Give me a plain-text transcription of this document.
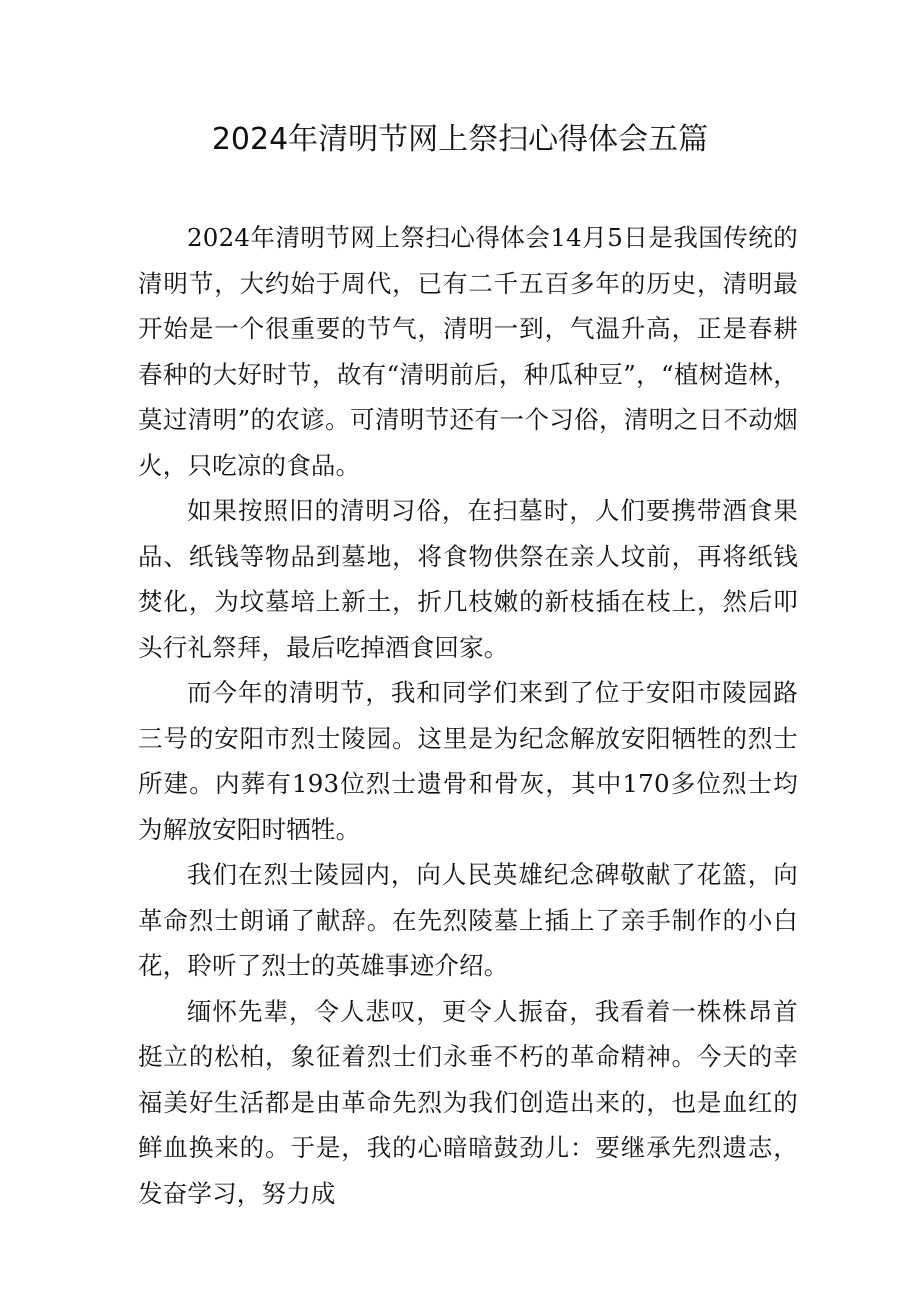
2024年清明节网上祭扫心得体会五篇

2024年清明节网上祭扫心得体会14月5日是我国传统的清明节，大约始于周代，已有二千五百多年的历史，清明最开始是一个很重要的节气，清明一到，气温升高，正是春耕春种的大好时节，故有“清明前后，种瓜种豆”，“植树造林，莫过清明”的农谚。可清明节还有一个习俗，清明之日不动烟火，只吃凉的食品。

如果按照旧的清明习俗，在扫墓时，人们要携带酒食果品、纸钱等物品到墓地，将食物供祭在亲人坟前，再将纸钱焚化，为坟墓培上新土，折几枝嫩的新枝插在枝上，然后叩头行礼祭拜，最后吃掉酒食回家。

而今年的清明节，我和同学们来到了位于安阳市陵园路三号的安阳市烈士陵园。这里是为纪念解放安阳牺牲的烈士所建。内葬有193位烈士遗骨和骨灰，其中170多位烈士均为解放安阳时牺牲。

我们在烈士陵园内，向人民英雄纪念碑敬献了花篮，向革命烈士朗诵了献辞。在先烈陵墓上插上了亲手制作的小白花，聆听了烈士的英雄事迹介绍。

缅怀先辈，令人悲叹，更令人振奋，我看着一株株昂首挺立的松柏，象征着烈士们永垂不朽的革命精神。今天的幸福美好生活都是由革命先烈为我们创造出来的，也是血红的鲜血换来的。于是，我的心暗暗鼓劲儿：要继承先烈遗志，发奋学习，努力成
